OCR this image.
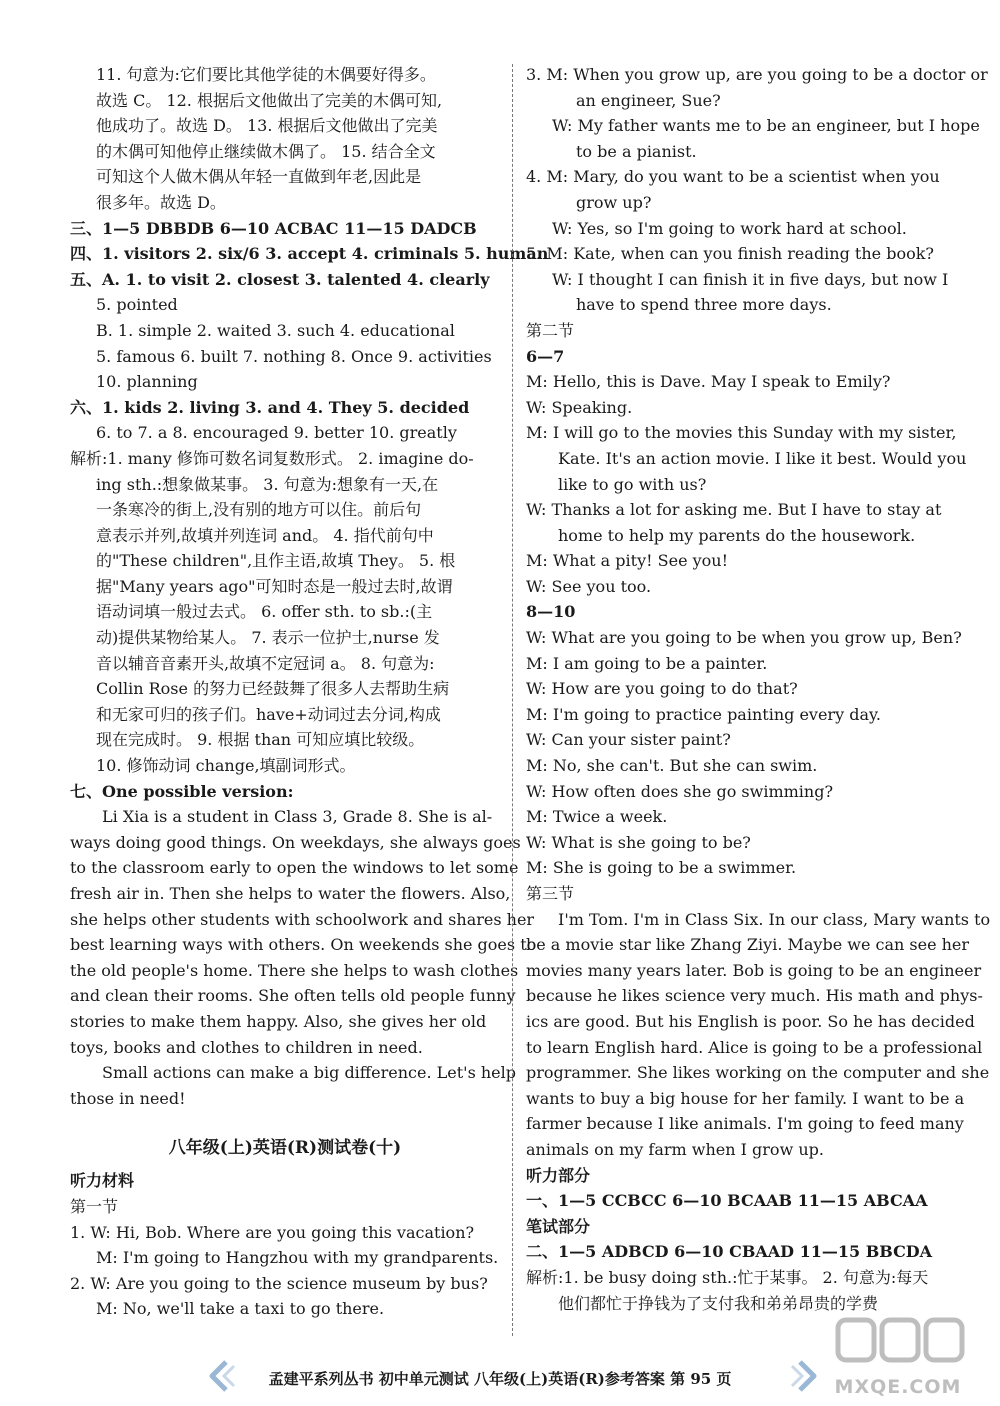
11. 句意为:它们要比其他学徒的木偶要好得多。
故选 C。 12. 根据后文他做出了完美的木偶可知,
他成功了。故选 D。 13. 根据后文他做出了完美
的木偶可知他停止继续做木偶了。 15. 结合全文
可知这个人做木偶从年轻一直做到年老,因此是
很多年。故选 D。
三、1—5 DBBDB 6—10 ACBAC 11—15 DADCB
四、1. visitors 2. six/6 3. accept 4. criminals 5. human
五、A. 1. to visit 2. closest 3. talented 4. clearly
5. pointed
B. 1. simple 2. waited 3. such 4. educational
5. famous 6. built 7. nothing 8. Once 9. activities
10. planning
六、1. kids 2. living 3. and 4. They 5. decided
6. to 7. a 8. encouraged 9. better 10. greatly
解析:1. many 修饰可数名词复数形式。 2. imagine do-
ing sth.:想象做某事。 3. 句意为:想象有一天,在
一条寒冷的街上,没有别的地方可以住。前后句
意表示并列,故填并列连词 and。 4. 指代前句中
的"These children",且作主语,故填 They。 5. 根
据"Many years ago"可知时态是一般过去时,故谓
语动词填一般过去式。 6. offer sth. to sb.:(主
动)提供某物给某人。 7. 表示一位护士,nurse 发
音以辅音音素开头,故填不定冠词 a。 8. 句意为:
Collin Rose 的努力已经鼓舞了很多人去帮助生病
和无家可归的孩子们。have+动词过去分词,构成
现在完成时。 9. 根据 than 可知应填比较级。
10. 修饰动词 change,填副词形式。
七、One possible version:
Li Xia is a student in Class 3, Grade 8. She is al-
ways doing good things. On weekdays, she always goes
to the classroom early to open the windows to let some
fresh air in. Then she helps to water the flowers. Also,
she helps other students with schoolwork and shares her
best learning ways with others. On weekends she goes to
the old people's home. There she helps to wash clothes
and clean their rooms. She often tells old people funny
stories to make them happy. Also, she gives her old
toys, books and clothes to children in need.
Small actions can make a big difference. Let's help
those in need!
八年级(上)英语(R)测试卷(十)
听力材料
第一节
1. W: Hi, Bob. Where are you going this vacation?
M: I'm going to Hangzhou with my grandparents.
2. W: Are you going to the science museum by bus?
M: No, we'll take a taxi to go there.
3. M: When you grow up, are you going to be a doctor or
an engineer, Sue?
W: My father wants me to be an engineer, but I hope
to be a pianist.
4. M: Mary, do you want to be a scientist when you
grow up?
W: Yes, so I'm going to work hard at school.
5. M: Kate, when can you finish reading the book?
W: I thought I can finish it in five days, but now I
have to spend three more days.
第二节
6—7
M: Hello, this is Dave. May I speak to Emily?
W: Speaking.
M: I will go to the movies this Sunday with my sister,
Kate. It's an action movie. I like it best. Would you
like to go with us?
W: Thanks a lot for asking me. But I have to stay at
home to help my parents do the housework.
M: What a pity! See you!
W: See you too.
8—10
W: What are you going to be when you grow up, Ben?
M: I am going to be a painter.
W: How are you going to do that?
M: I'm going to practice painting every day.
W: Can your sister paint?
M: No, she can't. But she can swim.
W: How often does she go swimming?
M: Twice a week.
W: What is she going to be?
M: She is going to be a swimmer.
第三节
I'm Tom. I'm in Class Six. In our class, Mary wants to
be a movie star like Zhang Ziyi. Maybe we can see her
movies many years later. Bob is going to be an engineer
because he likes science very much. His math and phys-
ics are good. But his English is poor. So he has decided
to learn English hard. Alice is going to be a professional
programmer. She likes working on the computer and she
wants to buy a big house for her family. I want to be a
farmer because I like animals. I'm going to feed many
animals on my farm when I grow up.
听力部分
一、1—5 CCBCC 6—10 BCAAB 11—15 ABCAA
笔试部分
二、1—5 ADBCD 6—10 CBAAD 11—15 BBCDA
解析:1. be busy doing sth.:忙于某事。 2. 句意为:每天
他们都忙于挣钱为了支付我和弟弟昂贵的学费
孟建平系列丛书 初中单元测试 八年级(上)英语(R)参考答案 第 95 页	MXQE.COM
